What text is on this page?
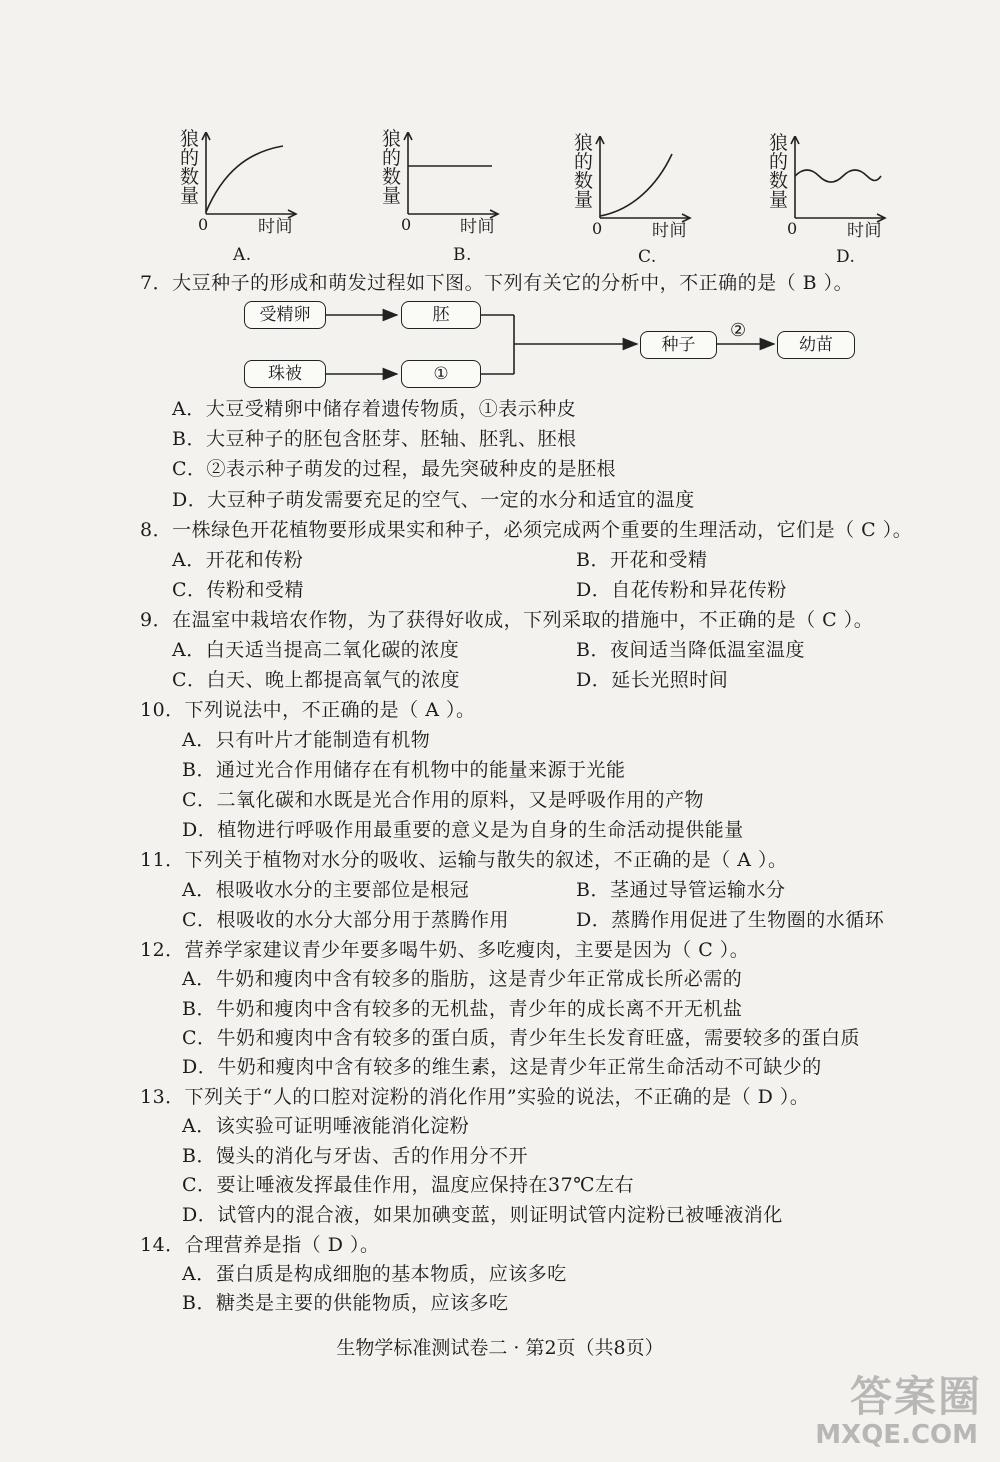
狼的数量
0	时间
A.
狼的数量
0	时间
B.
狼的数量
0	时间
C.
狼的数量
0	时间
D.
7．大豆种子的形成和萌发过程如下图。下列有关它的分析中，不正确的是（ B ）。
受精卵	胚
珠被	①
种子
②
幼苗
A．大豆受精卵中储存着遗传物质，①表示种皮
B．大豆种子的胚包含胚芽、胚轴、胚乳、胚根
C．②表示种子萌发的过程，最先突破种皮的是胚根
D．大豆种子萌发需要充足的空气、一定的水分和适宜的温度
8．一株绿色开花植物要形成果实和种子，必须完成两个重要的生理活动，它们是（ C ）。
A．开花和传粉	B．开花和受精
C．传粉和受精	D．自花传粉和异花传粉
9．在温室中栽培农作物，为了获得好收成，下列采取的措施中，不正确的是（ C ）。
A．白天适当提高二氧化碳的浓度	B．夜间适当降低温室温度
C．白天、晚上都提高氧气的浓度	D．延长光照时间
10．下列说法中，不正确的是（ A ）。
A．只有叶片才能制造有机物
B．通过光合作用储存在有机物中的能量来源于光能
C．二氧化碳和水既是光合作用的原料，又是呼吸作用的产物
D．植物进行呼吸作用最重要的意义是为自身的生命活动提供能量
11．下列关于植物对水分的吸收、运输与散失的叙述，不正确的是（ A ）。
A．根吸收水分的主要部位是根冠	B．茎通过导管运输水分
C．根吸收的水分大部分用于蒸腾作用	D．蒸腾作用促进了生物圈的水循环
12．营养学家建议青少年要多喝牛奶、多吃瘦肉，主要是因为（ C ）。
A．牛奶和瘦肉中含有较多的脂肪，这是青少年正常成长所必需的
B．牛奶和瘦肉中含有较多的无机盐，青少年的成长离不开无机盐
C．牛奶和瘦肉中含有较多的蛋白质，青少年生长发育旺盛，需要较多的蛋白质
D．牛奶和瘦肉中含有较多的维生素，这是青少年正常生命活动不可缺少的
13．下列关于“人的口腔对淀粉的消化作用”实验的说法，不正确的是（ D ）。
A．该实验可证明唾液能消化淀粉
B．馒头的消化与牙齿、舌的作用分不开
C．要让唾液发挥最佳作用，温度应保持在37℃左右
D．试管内的混合液，如果加碘变蓝，则证明试管内淀粉已被唾液消化
14．合理营养是指（ D ）。
A．蛋白质是构成细胞的基本物质，应该多吃
B．糖类是主要的供能物质，应该多吃
生物学标准测试卷二 · 第2页（共8页）
答案圈
MXQE.COM
